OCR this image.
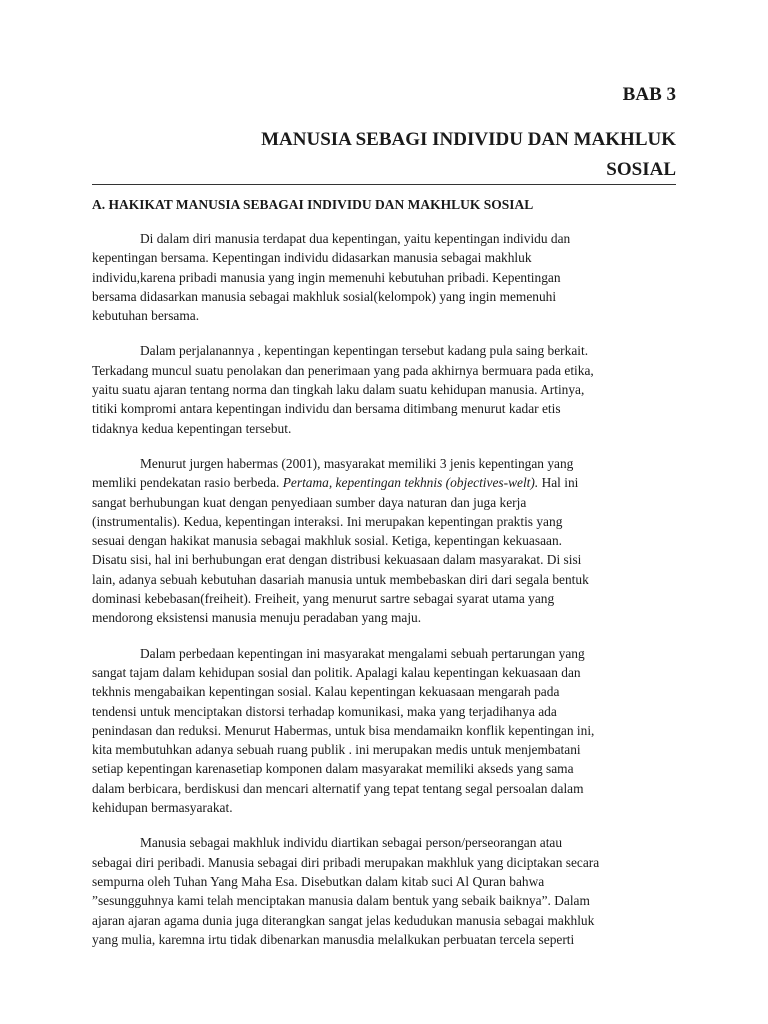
BAB 3
MANUSIA SEBAGI INDIVIDU DAN MAKHLUK
SOSIAL
A. HAKIKAT MANUSIA SEBAGAI INDIVIDU DAN MAKHLUK SOSIAL

Di dalam diri manusia terdapat dua kepentingan, yaitu kepentingan individu dan
kepentingan bersama. Kepentingan individu didasarkan manusia sebagai makhluk
individu,karena pribadi manusia yang ingin memenuhi kebutuhan pribadi. Kepentingan
bersama didasarkan manusia sebagai makhluk sosial(kelompok) yang ingin memenuhi
kebutuhan bersama.

Dalam perjalanannya , kepentingan kepentingan tersebut kadang pula saing berkait.
Terkadang muncul suatu penolakan dan penerimaan yang pada akhirnya bermuara pada etika,
yaitu suatu ajaran tentang norma dan tingkah laku dalam suatu kehidupan manusia. Artinya,
titiki kompromi antara kepentingan individu dan bersama ditimbang menurut kadar etis
tidaknya kedua kepentingan tersebut.

Menurut jurgen habermas (2001), masyarakat memiliki 3 jenis kepentingan yang
memliki pendekatan rasio berbeda. Pertama, kepentingan tekhnis (objectives-welt). Hal ini
sangat berhubungan kuat dengan penyediaan sumber daya naturan dan juga kerja
(instrumentalis). Kedua, kepentingan interaksi. Ini merupakan kepentingan praktis yang
sesuai dengan hakikat manusia sebagai makhluk sosial. Ketiga, kepentingan kekuasaan.
Disatu sisi, hal ini berhubungan erat dengan distribusi kekuasaan dalam masyarakat. Di sisi
lain, adanya sebuah kebutuhan dasariah manusia untuk membebaskan diri dari segala bentuk
dominasi kebebasan(freiheit). Freiheit, yang menurut sartre sebagai syarat utama yang
mendorong eksistensi manusia menuju peradaban yang maju.

Dalam perbedaan kepentingan ini masyarakat mengalami sebuah pertarungan yang
sangat tajam dalam kehidupan sosial dan politik. Apalagi kalau kepentingan kekuasaan dan
tekhnis mengabaikan kepentingan sosial. Kalau kepentingan kekuasaan mengarah pada
tendensi untuk menciptakan distorsi terhadap komunikasi, maka yang terjadihanya ada
penindasan dan reduksi. Menurut Habermas, untuk bisa mendamaikn konflik kepentingan ini,
kita membutuhkan adanya sebuah ruang publik . ini merupakan medis untuk menjembatani
setiap kepentingan karenasetiap komponen dalam masyarakat memiliki akseds yang sama
dalam berbicara, berdiskusi dan mencari alternatif yang tepat tentang segal persoalan dalam
kehidupan bermasyarakat.

Manusia sebagai makhluk individu diartikan sebagai person/perseorangan atau
sebagai diri peribadi. Manusia sebagai diri pribadi merupakan makhluk yang diciptakan secara
sempurna oleh Tuhan Yang Maha Esa. Disebutkan dalam kitab suci Al Quran bahwa
”sesungguhnya kami telah menciptakan manusia dalam bentuk yang sebaik baiknya”. Dalam
ajaran ajaran agama dunia juga diterangkan sangat jelas kedudukan manusia sebagai makhluk
yang mulia, karemna irtu tidak dibenarkan manusdia melalkukan perbuatan tercela seperti
